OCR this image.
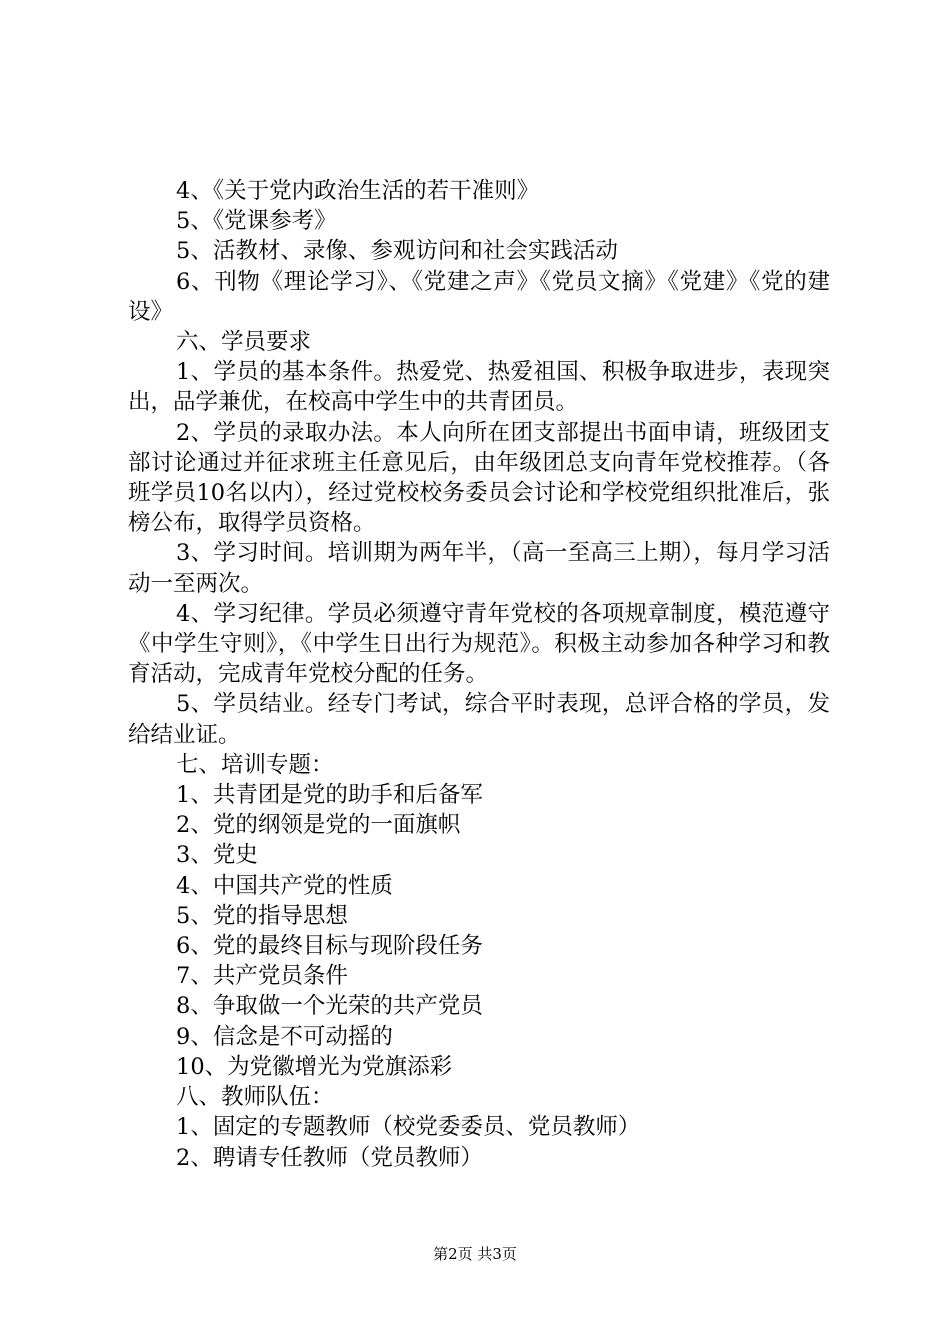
4、《关于党内政治生活的若干准则》

5、《党课参考》

5、活教材、录像、参观访问和社会实践活动

6、刊物《理论学习》、《党建之声》《党员文摘》《党建》《党的建设》

六、学员要求

1、学员的基本条件。热爱党、热爱祖国、积极争取进步，表现突出，品学兼优，在校高中学生中的共青团员。

2、学员的录取办法。本人向所在团支部提出书面申请，班级团支部讨论通过并征求班主任意见后，由年级团总支向青年党校推荐。（各班学员10名以内），经过党校校务委员会讨论和学校党组织批准后，张榜公布，取得学员资格。

3、学习时间。培训期为两年半，（高一至高三上期），每月学习活动一至两次。

4、学习纪律。学员必须遵守青年党校的各项规章制度，模范遵守《中学生守则》，《中学生日出行为规范》。积极主动参加各种学习和教育活动，完成青年党校分配的任务。

5、学员结业。经专门考试，综合平时表现，总评合格的学员，发给结业证。

七、培训专题：

1、共青团是党的助手和后备军

2、党的纲领是党的一面旗帜

3、党史

4、中国共产党的性质

5、党的指导思想

6、党的最终目标与现阶段任务

7、共产党员条件

8、争取做一个光荣的共产党员

9、信念是不可动摇的

10、为党徽增光为党旗添彩

八、教师队伍：

1、固定的专题教师（校党委委员、党员教师）

2、聘请专任教师（党员教师）

第2页 共3页
